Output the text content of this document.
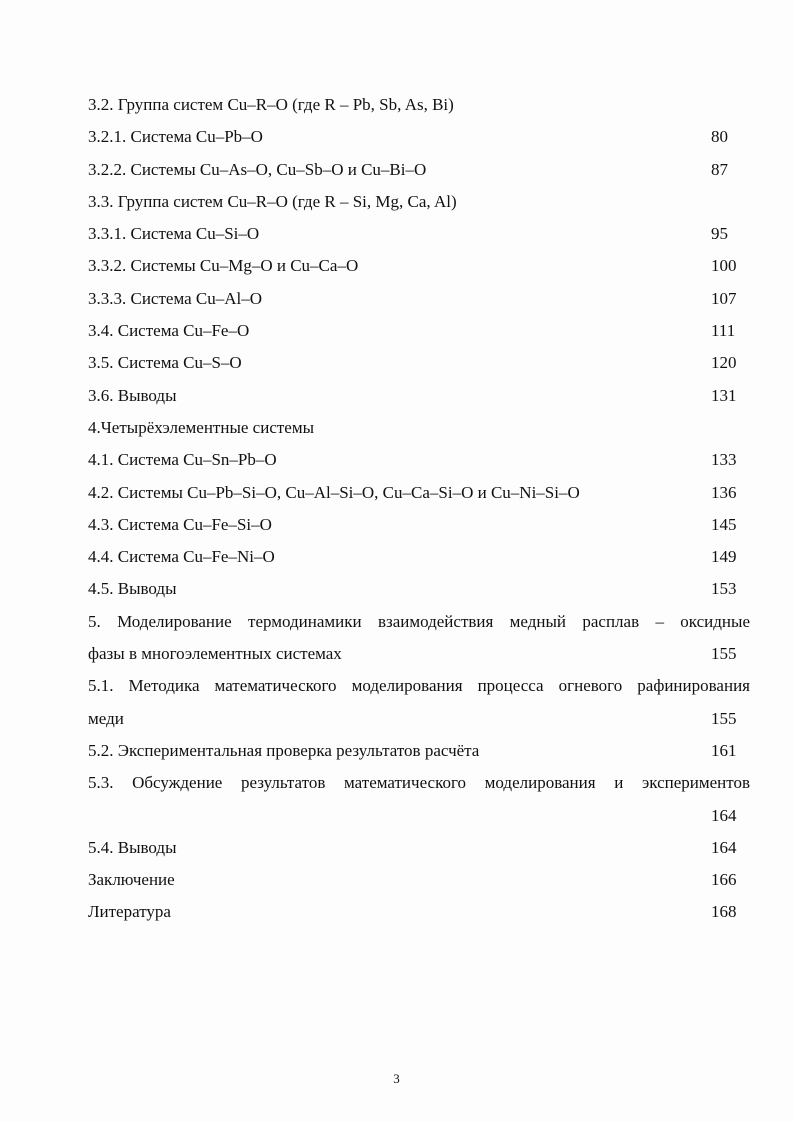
3.2. Группа систем Cu–R–O (где R – Pb, Sb, As, Bi)
3.2.1. Система Cu–Pb–O	80
3.2.2. Системы Cu–As–O, Cu–Sb–O и Cu–Bi–O	87
3.3. Группа систем Cu–R–O (где R – Si, Mg, Ca, Al)
3.3.1. Система Cu–Si–O	95
3.3.2. Системы Cu–Mg–O и Cu–Ca–O	100
3.3.3. Система Cu–Al–O	107
3.4. Система Cu–Fe–O	111
3.5. Система Cu–S–O	120
3.6. Выводы	131
4.Четырёхэлементные системы
4.1. Система Cu–Sn–Pb–O	133
4.2. Системы Cu–Pb–Si–O, Cu–Al–Si–O, Cu–Ca–Si–O и Cu–Ni–Si–O	136
4.3. Система Cu–Fe–Si–O	145
4.4. Система Cu–Fe–Ni–O	149
4.5. Выводы	153
5. Моделирование термодинамики взаимодействия медный расплав – оксидные
фазы в многоэлементных системах	155
5.1. Методика математического моделирования процесса огневого рафинирования
меди	155
5.2. Экспериментальная проверка результатов расчёта	161
5.3. Обсуждение результатов математического моделирования и экспериментов
164
5.4. Выводы	164
Заключение	166
Литература	168
3
